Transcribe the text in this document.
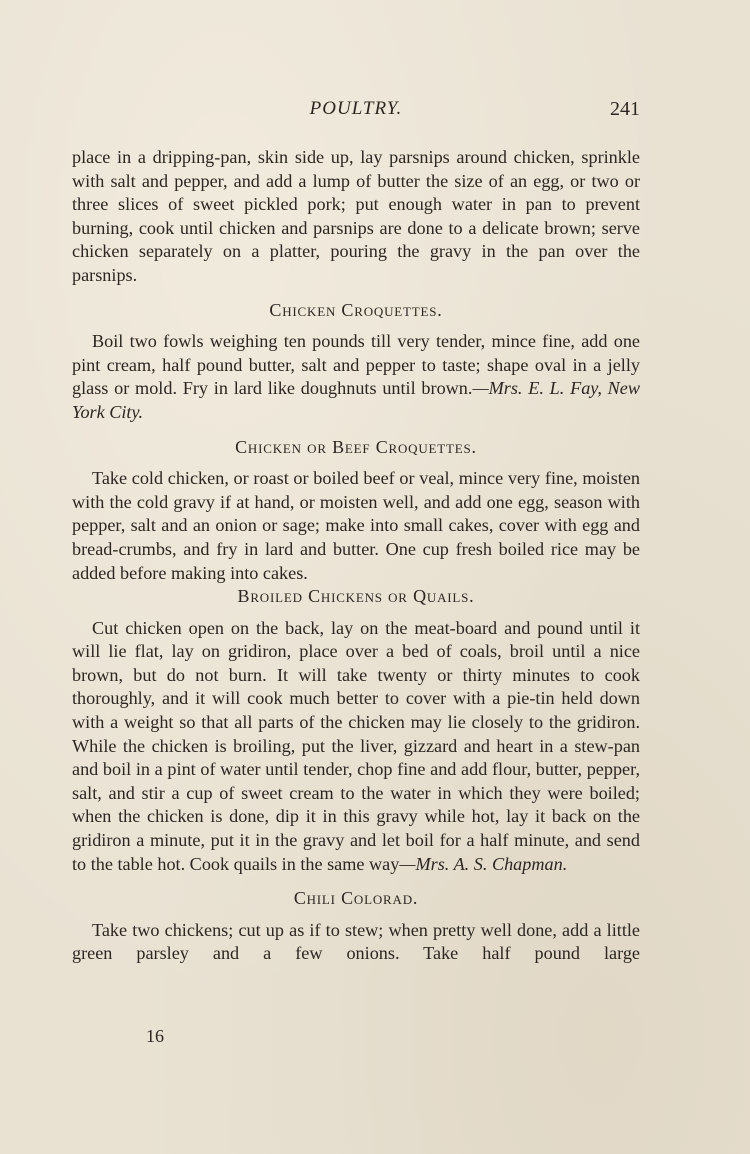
POULTRY.	241

place in a dripping-pan, skin side up, lay parsnips around chicken, sprinkle with salt and pepper, and add a lump of butter the size of an egg, or two or three slices of sweet pickled pork; put enough water in pan to prevent burning, cook until chicken and parsnips are done to a delicate brown; serve chicken separately on a platter, pouring the gravy in the pan over the parsnips.

Chicken Croquettes.

Boil two fowls weighing ten pounds till very tender, mince fine, add one pint cream, half pound butter, salt and pepper to taste; shape oval in a jelly glass or mold. Fry in lard like doughnuts until brown.—Mrs. E. L. Fay, New York City.

Chicken or Beef Croquettes.

Take cold chicken, or roast or boiled beef or veal, mince very fine, moisten with the cold gravy if at hand, or moisten well, and add one egg, season with pepper, salt and an onion or sage; make into small cakes, cover with egg and bread-crumbs, and fry in lard and butter. One cup fresh boiled rice may be added before making into cakes.

Broiled Chickens or Quails.

Cut chicken open on the back, lay on the meat-board and pound until it will lie flat, lay on gridiron, place over a bed of coals, broil until a nice brown, but do not burn. It will take twenty or thirty minutes to cook thoroughly, and it will cook much better to cover with a pie-tin held down with a weight so that all parts of the chicken may lie closely to the gridiron. While the chicken is broiling, put the liver, gizzard and heart in a stew-pan and boil in a pint of water until tender, chop fine and add flour, butter, pepper, salt, and stir a cup of sweet cream to the water in which they were boiled; when the chicken is done, dip it in this gravy while hot, lay it back on the gridiron a minute, put it in the gravy and let boil for a half minute, and send to the table hot. Cook quails in the same way—Mrs. A. S. Chapman.

Chili Colorad.

Take two chickens; cut up as if to stew; when pretty well done, add a little green parsley and a few onions. Take half pound large

16
